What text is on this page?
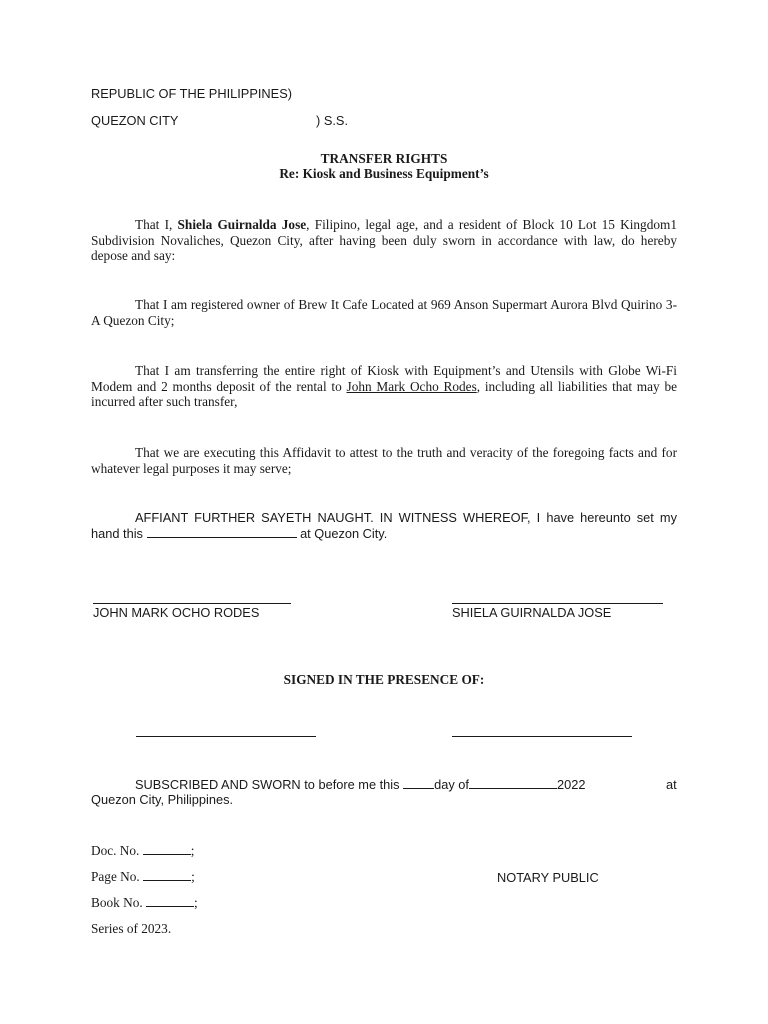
REPUBLIC OF THE PHILIPPINES)
QUEZON CITY	) S.S.
TRANSFER RIGHTS
Re: Kiosk and Business Equipment’s
That I, Shiela Guirnalda Jose, Filipino, legal age, and a resident of Block 10 Lot 15 Kingdom1 Subdivision Novaliches, Quezon City, after having been duly sworn in accordance with law, do hereby depose and say:
That I am registered owner of Brew It Cafe Located at 969 Anson Supermart Aurora Blvd Quirino 3-A Quezon City;
That I am transferring the entire right of Kiosk with Equipment’s and Utensils with Globe Wi-Fi Modem and 2 months deposit of the rental to John Mark Ocho Rodes, including all liabilities that may be incurred after such transfer,
That we are executing this Affidavit to attest to the truth and veracity of the foregoing facts and for whatever legal purposes it may serve;
AFFIANT FURTHER SAYETH NAUGHT. IN WITNESS WHEREOF, I have hereunto set my hand this	at Quezon City.
JOHN MARK OCHO RODES	SHIELA GUIRNALDA JOSE
SIGNED IN THE PRESENCE OF:
SUBSCRIBED AND SWORN to before me this	day of	2022	at
Quezon City, Philippines.
Doc. No.	;
Page No.	;	NOTARY PUBLIC
Book No.	;
Series of 2023.
